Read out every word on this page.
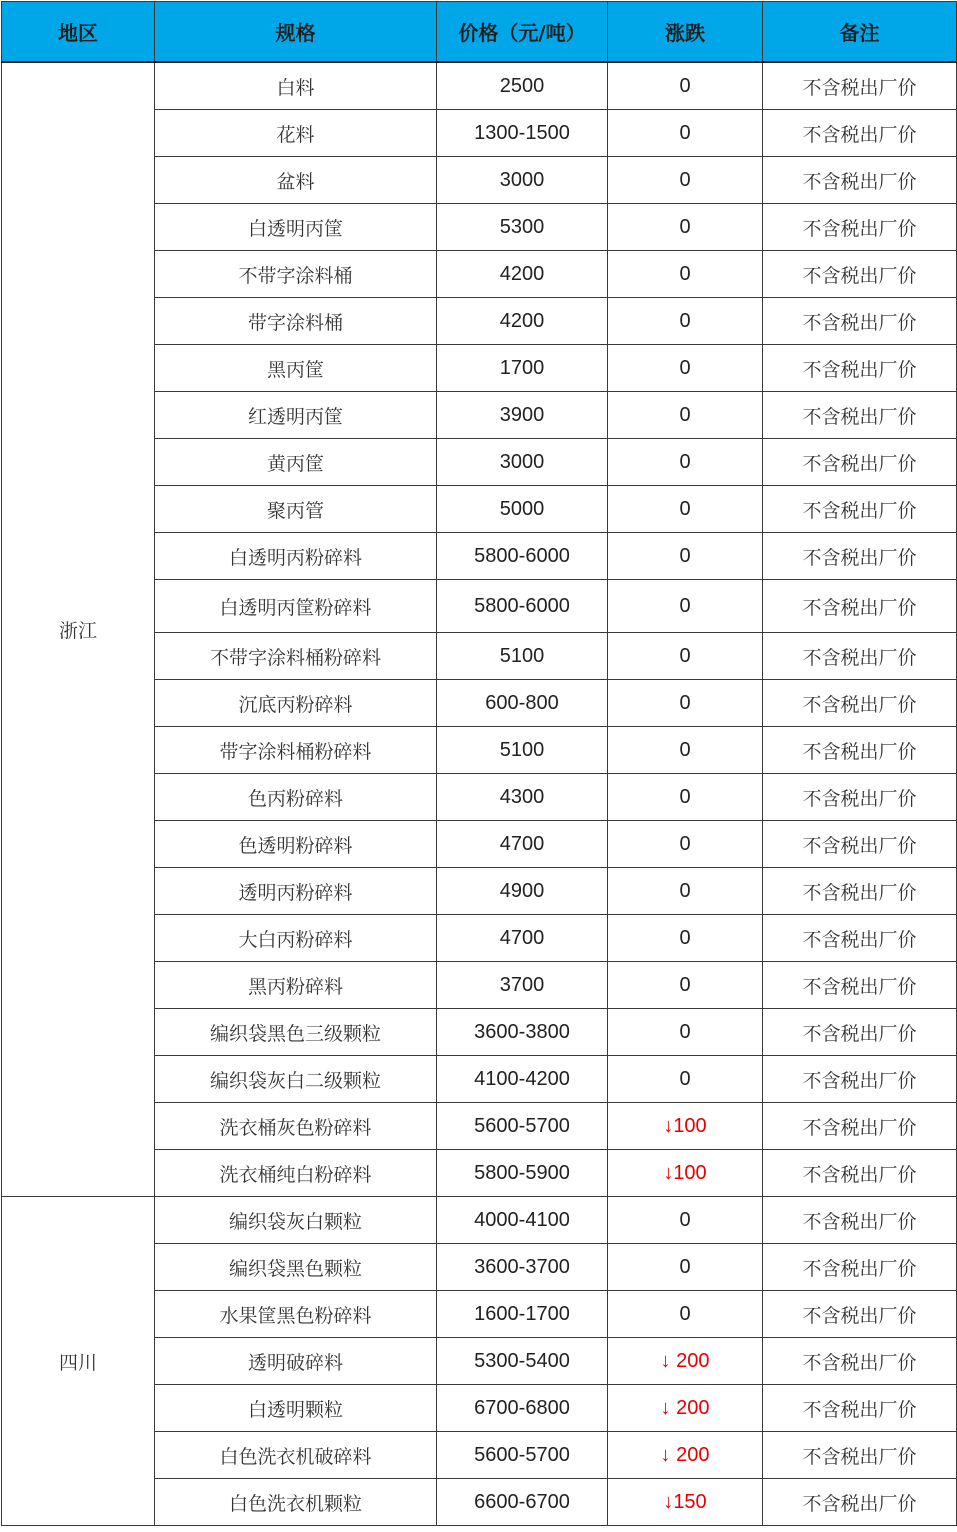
地区	规格	价格（元/吨）	涨跌	备注
浙江	白料	2500	0	不含税出厂价
	花料	1300-1500	0	不含税出厂价
	盆料	3000	0	不含税出厂价
	白透明丙筐	5300	0	不含税出厂价
	不带字涂料桶	4200	0	不含税出厂价
	带字涂料桶	4200	0	不含税出厂价
	黑丙筐	1700	0	不含税出厂价
	红透明丙筐	3900	0	不含税出厂价
	黄丙筐	3000	0	不含税出厂价
	聚丙管	5000	0	不含税出厂价
	白透明丙粉碎料	5800-6000	0	不含税出厂价
	白透明丙筐粉碎料	5800-6000	0	不含税出厂价
	不带字涂料桶粉碎料	5100	0	不含税出厂价
	沉底丙粉碎料	600-800	0	不含税出厂价
	带字涂料桶粉碎料	5100	0	不含税出厂价
	色丙粉碎料	4300	0	不含税出厂价
	色透明粉碎料	4700	0	不含税出厂价
	透明丙粉碎料	4900	0	不含税出厂价
	大白丙粉碎料	4700	0	不含税出厂价
	黑丙粉碎料	3700	0	不含税出厂价
	编织袋黑色三级颗粒	3600-3800	0	不含税出厂价
	编织袋灰白二级颗粒	4100-4200	0	不含税出厂价
	洗衣桶灰色粉碎料	5600-5700	↓100	不含税出厂价
	洗衣桶纯白粉碎料	5800-5900	↓100	不含税出厂价
四川	编织袋灰白颗粒	4000-4100	0	不含税出厂价
	编织袋黑色颗粒	3600-3700	0	不含税出厂价
	水果筐黑色粉碎料	1600-1700	0	不含税出厂价
	透明破碎料	5300-5400	↓ 200	不含税出厂价
	白透明颗粒	6700-6800	↓ 200	不含税出厂价
	白色洗衣机破碎料	5600-5700	↓ 200	不含税出厂价
	白色洗衣机颗粒	6600-6700	↓150	不含税出厂价
